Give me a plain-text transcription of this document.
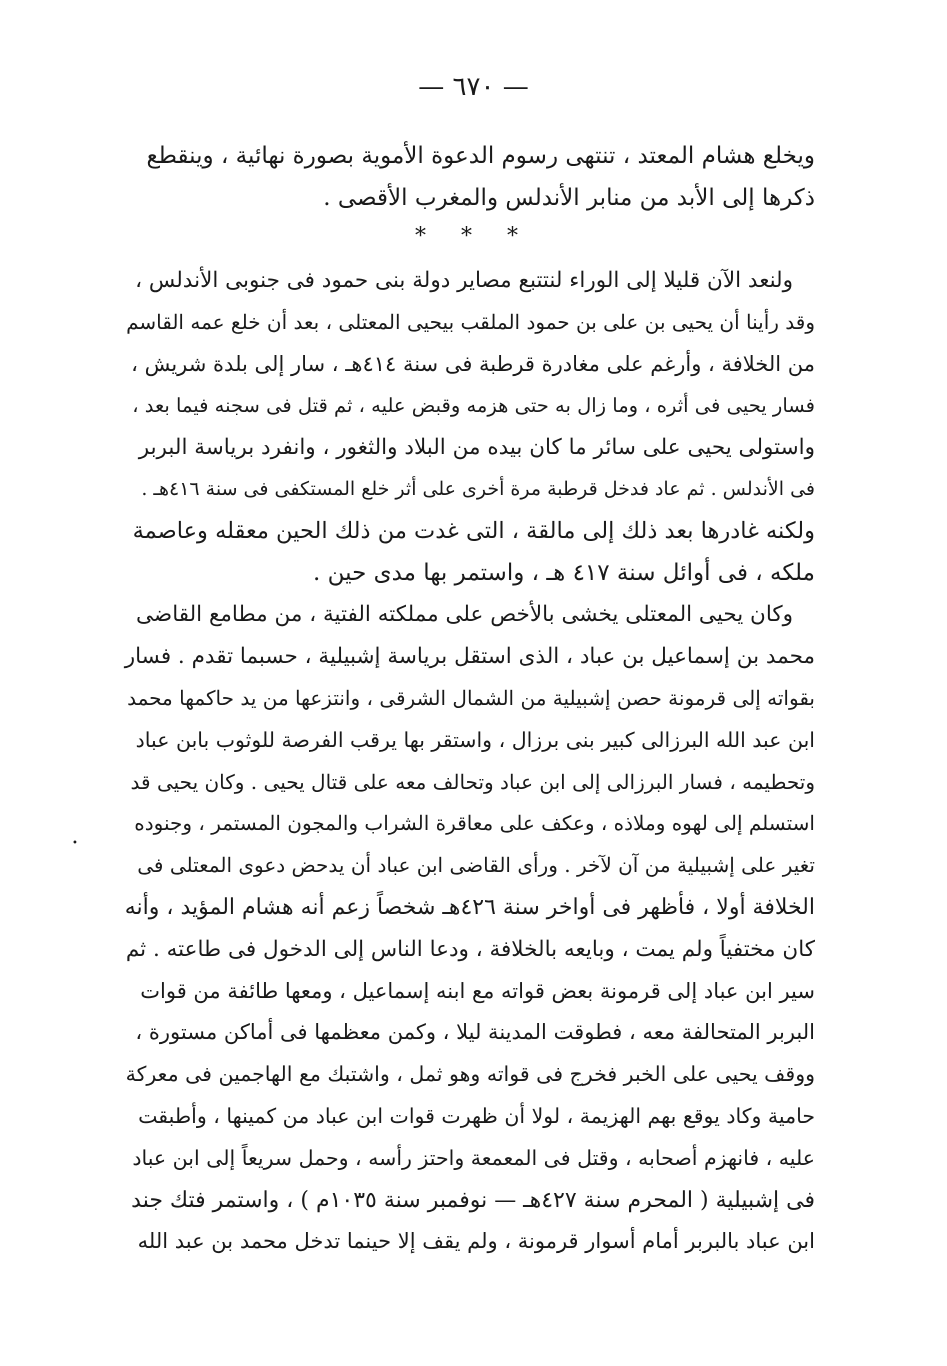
— ٦٧٠ —
ويخلع هشام المعتد ، تنتهى رسوم الدعوة الأموية بصورة نهائية ، وينقطع
ذكرها إلى الأبد من منابر الأندلس والمغرب الأقصى .
* * *
ولنعد الآن قليلا إلى الوراء لنتتبع مصاير دولة بنى حمود فى جنوبى الأندلس ،
وقد رأينا أن يحيى بن على بن حمود الملقب بيحيى المعتلى ، بعد أن خلع عمه القاسم
من الخلافة ، وأرغم على مغادرة قرطبة فى سنة ٤١٤هـ ، سار إلى بلدة شريش ،
فسار يحيى فى أثره ، وما زال به حتى هزمه وقبض عليه ، ثم قتل فى سجنه فيما بعد ،
واستولى يحيى على سائر ما كان بيده من البلاد والثغور ، وانفرد برياسة البربر
فى الأندلس . ثم عاد فدخل قرطبة مرة أخرى على أثر خلع المستكفى فى سنة ٤١٦هـ .
ولكنه غادرها بعد ذلك إلى مالقة ، التى غدت من ذلك الحين معقله وعاصمة
ملكه ، فى أوائل سنة ٤١٧ هـ ، واستمر بها مدى حين .
وكان يحيى المعتلى يخشى بالأخص على مملكته الفتية ، من مطامع القاضى
محمد بن إسماعيل بن عباد ، الذى استقل برياسة إشبيلية ، حسبما تقدم . فسار
بقواته إلى قرمونة حصن إشبيلية من الشمال الشرقى ، وانتزعها من يد حاكمها محمد
ابن عبد الله البرزالى كبير بنى برزال ، واستقر بها يرقب الفرصة للوثوب بابن عباد
وتحطيمه ، فسار البرزالى إلى ابن عباد وتحالف معه على قتال يحيى . وكان يحيى قد
استسلم إلى لهوه وملاذه ، وعكف على معاقرة الشراب والمجون المستمر ، وجنوده
تغير على إشبيلية من آن لآخر . ورأى القاضى ابن عباد أن يدحض دعوى المعتلى فى
الخلافة أولا ، فأظهر فى أواخر سنة ٤٢٦هـ شخصاً زعم أنه هشام المؤيد ، وأنه
كان مختفياً ولم يمت ، وبايعه بالخلافة ، ودعا الناس إلى الدخول فى طاعته . ثم
سير ابن عباد إلى قرمونة بعض قواته مع ابنه إسماعيل ، ومعها طائفة من قوات
البربر المتحالفة معه ، فطوقت المدينة ليلا ، وكمن معظمها فى أماكن مستورة ،
ووقف يحيى على الخبر فخرج فى قواته وهو ثمل ، واشتبك مع الهاجمين فى معركة
حامية وكاد يوقع بهم الهزيمة ، لولا أن ظهرت قوات ابن عباد من كمينها ، وأطبقت
عليه ، فانهزم أصحابه ، وقتل فى المعمعة واحتز رأسه ، وحمل سريعاً إلى ابن عباد
فى إشبيلية ( المحرم سنة ٤٢٧هـ — نوفمبر سنة ١٠٣٥م ) ، واستمر فتك جند
ابن عباد بالبربر أمام أسوار قرمونة ، ولم يقف إلا حينما تدخل محمد بن عبد الله
•
